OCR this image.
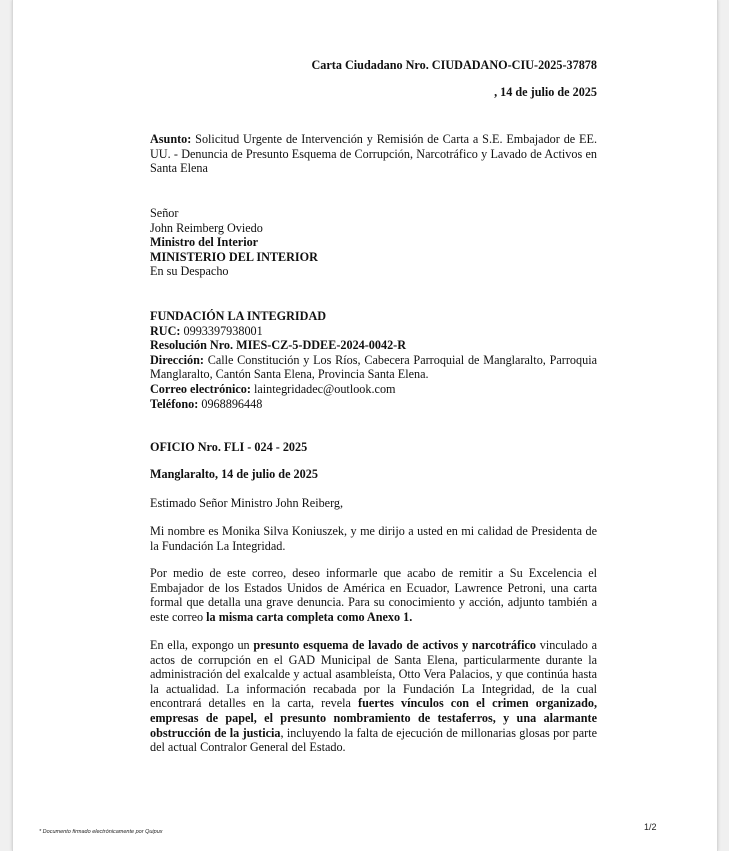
Carta Ciudadano Nro. CIUDADANO-CIU-2025-37878
, 14 de julio de 2025
Asunto: Solicitud Urgente de Intervención y Remisión de Carta a S.E. Embajador de EE. UU. - Denuncia de Presunto Esquema de Corrupción, Narcotráfico y Lavado de Activos en Santa Elena
Señor
John Reimberg Oviedo
Ministro del Interior
MINISTERIO DEL INTERIOR
En su Despacho
FUNDACIÓN LA INTEGRIDAD
RUC: 0993397938001
Resolución Nro. MIES-CZ-5-DDEE-2024-0042-R
Dirección: Calle Constitución y Los Ríos, Cabecera Parroquial de Manglaralto, Parroquia Manglaralto, Cantón Santa Elena, Provincia Santa Elena.
Correo electrónico: laintegridadec@outlook.com
Teléfono: 0968896448
OFICIO Nro. FLI - 024 - 2025
Manglaralto, 14 de julio de 2025
Estimado Señor Ministro John Reiberg,
Mi nombre es Monika Silva Koniuszek, y me dirijo a usted en mi calidad de Presidenta de la Fundación La Integridad.
Por medio de este correo, deseo informarle que acabo de remitir a Su Excelencia el Embajador de los Estados Unidos de América en Ecuador, Lawrence Petroni, una carta formal que detalla una grave denuncia. Para su conocimiento y acción, adjunto también a este correo la misma carta completa como Anexo 1.
En ella, expongo un presunto esquema de lavado de activos y narcotráfico vinculado a actos de corrupción en el GAD Municipal de Santa Elena, particularmente durante la administración del exalcalde y actual asambleísta, Otto Vera Palacios, y que continúa hasta la actualidad. La información recabada por la Fundación La Integridad, de la cual encontrará detalles en la carta, revela fuertes vínculos con el crimen organizado, empresas de papel, el presunto nombramiento de testaferros, y una alarmante obstrucción de la justicia, incluyendo la falta de ejecución de millonarias glosas por parte del actual Contralor General del Estado.
* Documento firmado electrónicamente por Quipux	1/2
